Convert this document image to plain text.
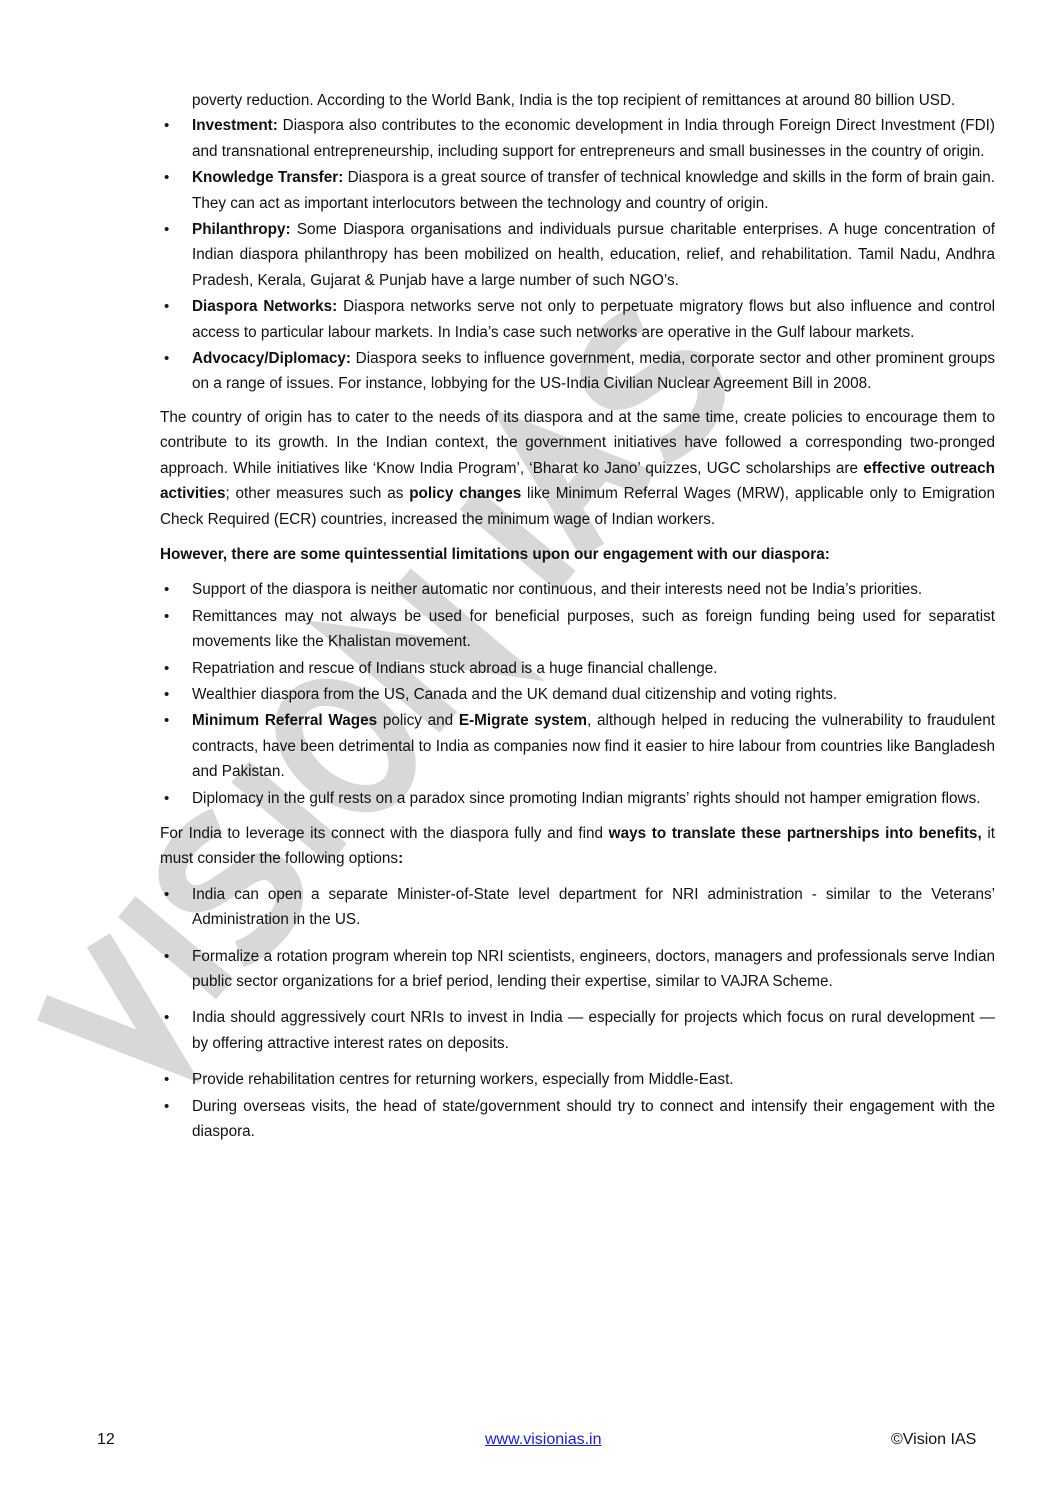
poverty reduction. According to the World Bank, India is the top recipient of remittances at around 80 billion USD.

• Investment: Diaspora also contributes to the economic development in India through Foreign Direct Investment (FDI) and transnational entrepreneurship, including support for entrepreneurs and small businesses in the country of origin.
• Knowledge Transfer: Diaspora is a great source of transfer of technical knowledge and skills in the form of brain gain. They can act as important interlocutors between the technology and country of origin.
• Philanthropy: Some Diaspora organisations and individuals pursue charitable enterprises. A huge concentration of Indian diaspora philanthropy has been mobilized on health, education, relief, and rehabilitation. Tamil Nadu, Andhra Pradesh, Kerala, Gujarat & Punjab have a large number of such NGO’s.
• Diaspora Networks: Diaspora networks serve not only to perpetuate migratory flows but also influence and control access to particular labour markets. In India’s case such networks are operative in the Gulf labour markets.
• Advocacy/Diplomacy: Diaspora seeks to influence government, media, corporate sector and other prominent groups on a range of issues. For instance, lobbying for the US-India Civilian Nuclear Agreement Bill in 2008.

The country of origin has to cater to the needs of its diaspora and at the same time, create policies to encourage them to contribute to its growth. In the Indian context, the government initiatives have followed a corresponding two-pronged approach. While initiatives like ‘Know India Program’, ‘Bharat ko Jano’ quizzes, UGC scholarships are effective outreach activities; other measures such as policy changes like Minimum Referral Wages (MRW), applicable only to Emigration Check Required (ECR) countries, increased the minimum wage of Indian workers.

However, there are some quintessential limitations upon our engagement with our diaspora:

• Support of the diaspora is neither automatic nor continuous, and their interests need not be India’s priorities.
• Remittances may not always be used for beneficial purposes, such as foreign funding being used for separatist movements like the Khalistan movement.
• Repatriation and rescue of Indians stuck abroad is a huge financial challenge.
• Wealthier diaspora from the US, Canada and the UK demand dual citizenship and voting rights.
• Minimum Referral Wages policy and E-Migrate system, although helped in reducing the vulnerability to fraudulent contracts, have been detrimental to India as companies now find it easier to hire labour from countries like Bangladesh and Pakistan.
• Diplomacy in the gulf rests on a paradox since promoting Indian migrants’ rights should not hamper emigration flows.

For India to leverage its connect with the diaspora fully and find ways to translate these partnerships into benefits, it must consider the following options:

• India can open a separate Minister-of-State level department for NRI administration - similar to the Veterans’ Administration in the US.
• Formalize a rotation program wherein top NRI scientists, engineers, doctors, managers and professionals serve Indian public sector organizations for a brief period, lending their expertise, similar to VAJRA Scheme.
• India should aggressively court NRIs to invest in India — especially for projects which focus on rural development — by offering attractive interest rates on deposits.
• Provide rehabilitation centres for returning workers, especially from Middle-East.
• During overseas visits, the head of state/government should try to connect and intensify their engagement with the diaspora.
12	www.visionias.in	©Vision IAS
